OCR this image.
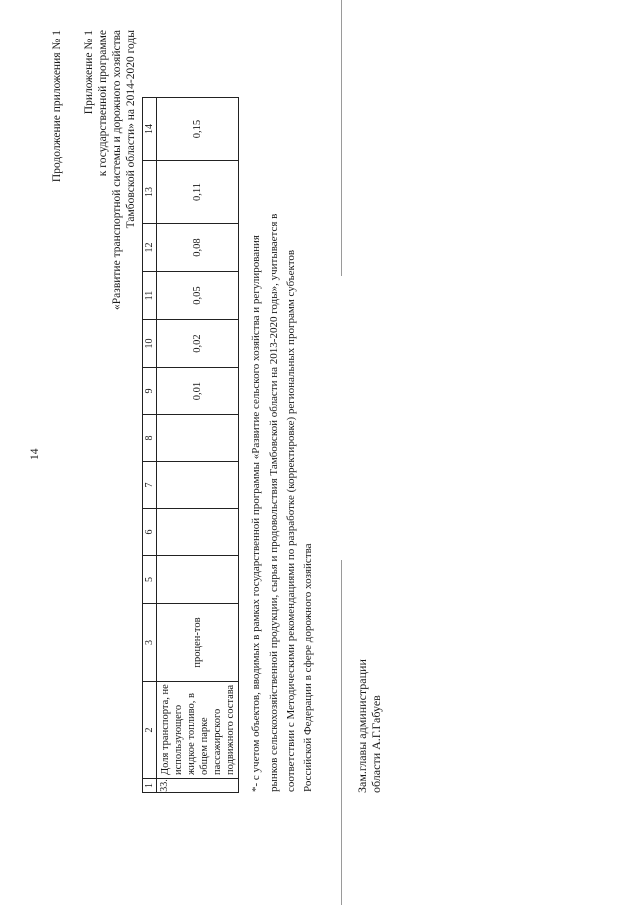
14
Продолжение приложения № 1 Приложение № 1 к государственной программе «Развитие транспортной системы и дорожного хозяйства Тамбовской области» на 2014-2020 годы
1	2	3	5	6	7	8	9	10	11	12	13	14
33.	Доля транспорта, не использующего жидкое топливо, в общем парке пассажирского подвижного состава	процен-тов					0,01	0,02	0,05	0,08	0,11	0,15
*- с учетом объектов, вводимых в рамках государственной программы «Развитие сельского хозяйства и регулирования рынков сельскохозяйственной продукции, сырья и продовольствия Тамбовской области на 2013-2020 годы», учитывается в соответствии с Методическими рекомендациями по разработке (корректировке) региональных программ субъектов Российской Федерации в сфере дорожного хозяйства	Зам.главы администрации области А.Г.Габуев
